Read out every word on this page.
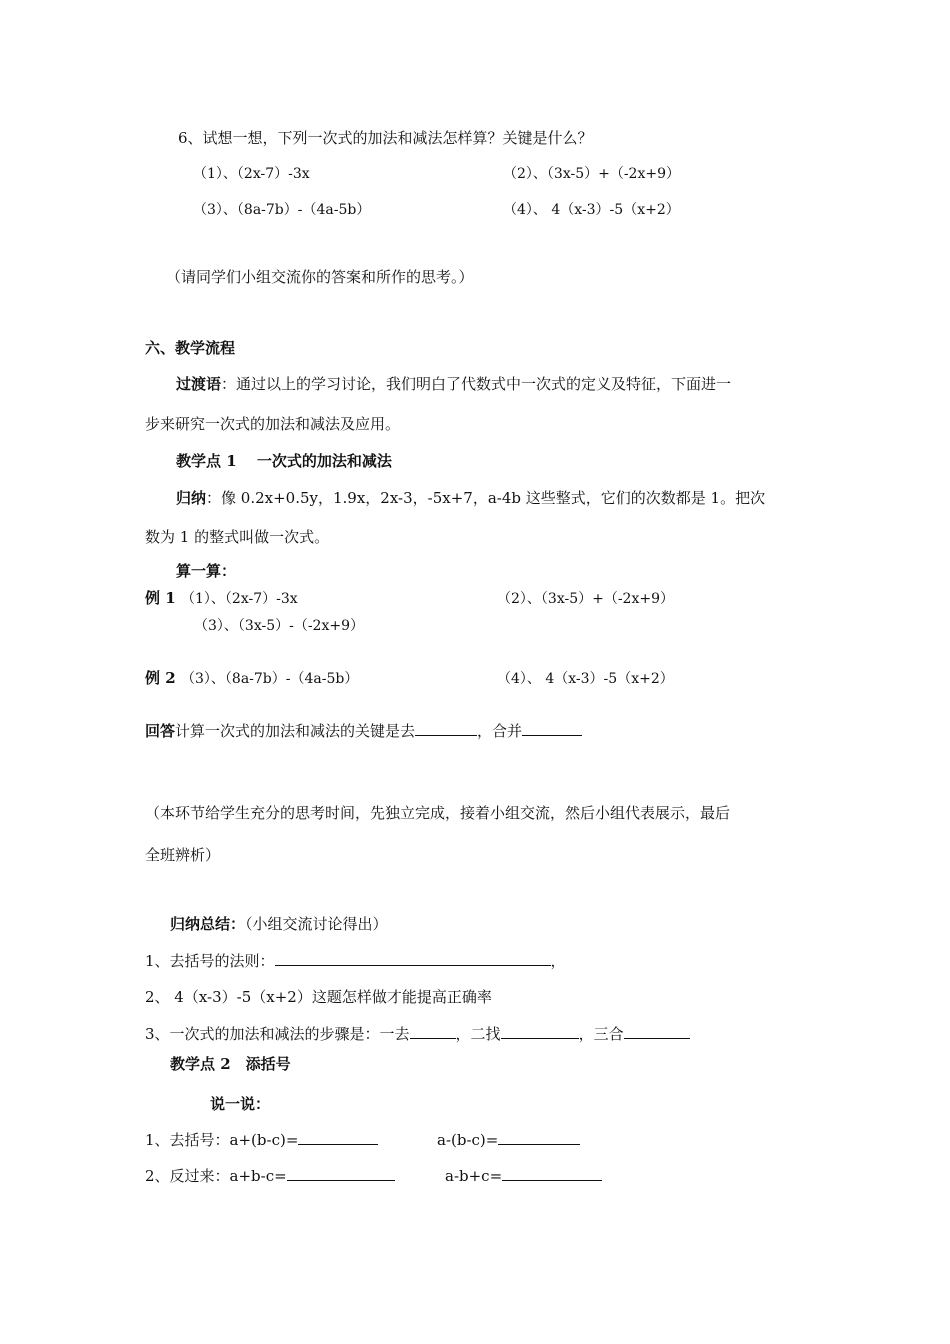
6、试想一想，下列一次式的加法和减法怎样算？关键是什么？
（1）、（2x-7）-3x	（2）、（3x-5）+（-2x+9）
（3）、（8a-7b）-（4a-5b）	（4）、 4（x-3）-5（x+2）
（请同学们小组交流你的答案和所作的思考。）
六、教学流程
过渡语：通过以上的学习讨论，我们明白了代数式中一次式的定义及特征，下面进一
步来研究一次式的加法和减法及应用。
教学点 1　 一次式的加法和减法
归纳：像 0.2x+0.5y，1.9x，2x-3，-5x+7，a-4b 这些整式，它们的次数都是 1。把次
数为 1 的整式叫做一次式。
算一算：
例 1 （1）、（2x-7）-3x	（2）、（3x-5）+（-2x+9）
（3）、（3x-5）-（-2x+9）
例 2 （3）、（8a-7b）-（4a-5b）	（4）、 4（x-3）-5（x+2）
回答计算一次式的加法和减法的关键是去	，合并
（本环节给学生充分的思考时间，先独立完成，接着小组交流，然后小组代表展示，最后
全班辨析）
归纳总结：（小组交流讨论得出）
1、去括号的法则：	，
2、 4（x-3）-5（x+2）这题怎样做才能提高正确率
3、一次式的加法和减法的步骤是：一去	，二找	，三合
教学点 2　添括号
说一说：
1、去括号：a+(b-c)=	a-(b-c)=
2、反过来：a+b-c=	a-b+c=
